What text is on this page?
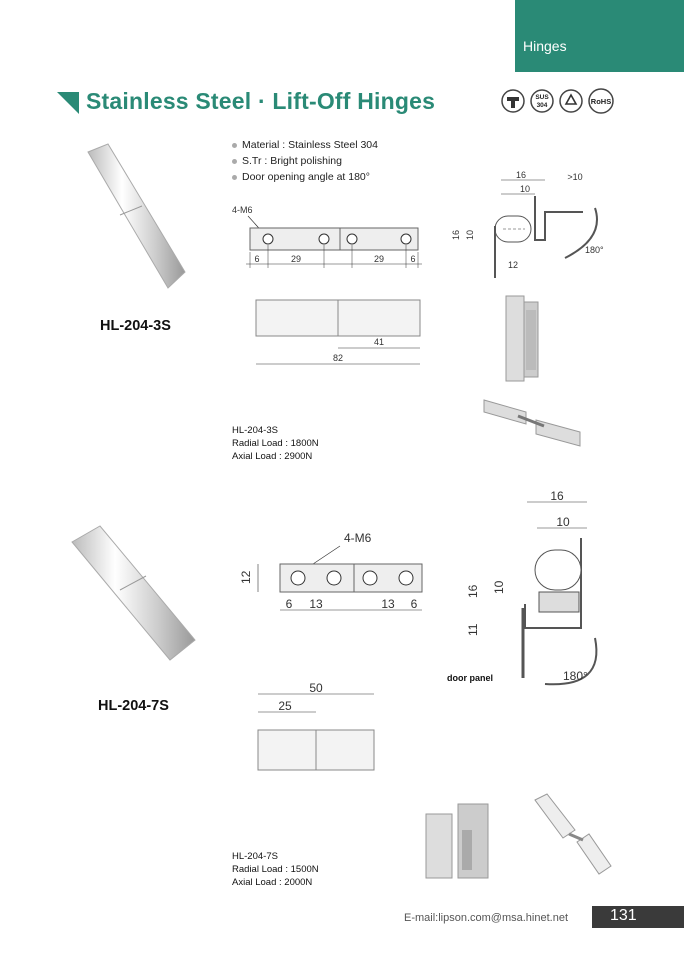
Hinges
Stainless Steel · Lift-Off Hinges	SUS
304	RoHS
Material : Stainless Steel 304
S.Tr : Bright polishing
Door opening angle at 180°
HL-204-3S
4-M6
6	29	29	6
16	>10
10
16 10
12
180°
41
82
HL-204-3S
Radial Load : 1800N
Axial Load : 2900N
HL-204-7S
4-M6
12
6 13	13 6
16
10
16 10
11
180°
door panel
50
25
HL-204-7S
Radial Load : 1500N
Axial Load : 2000N
E-mail:lipson.com@msa.hinet.net	131
